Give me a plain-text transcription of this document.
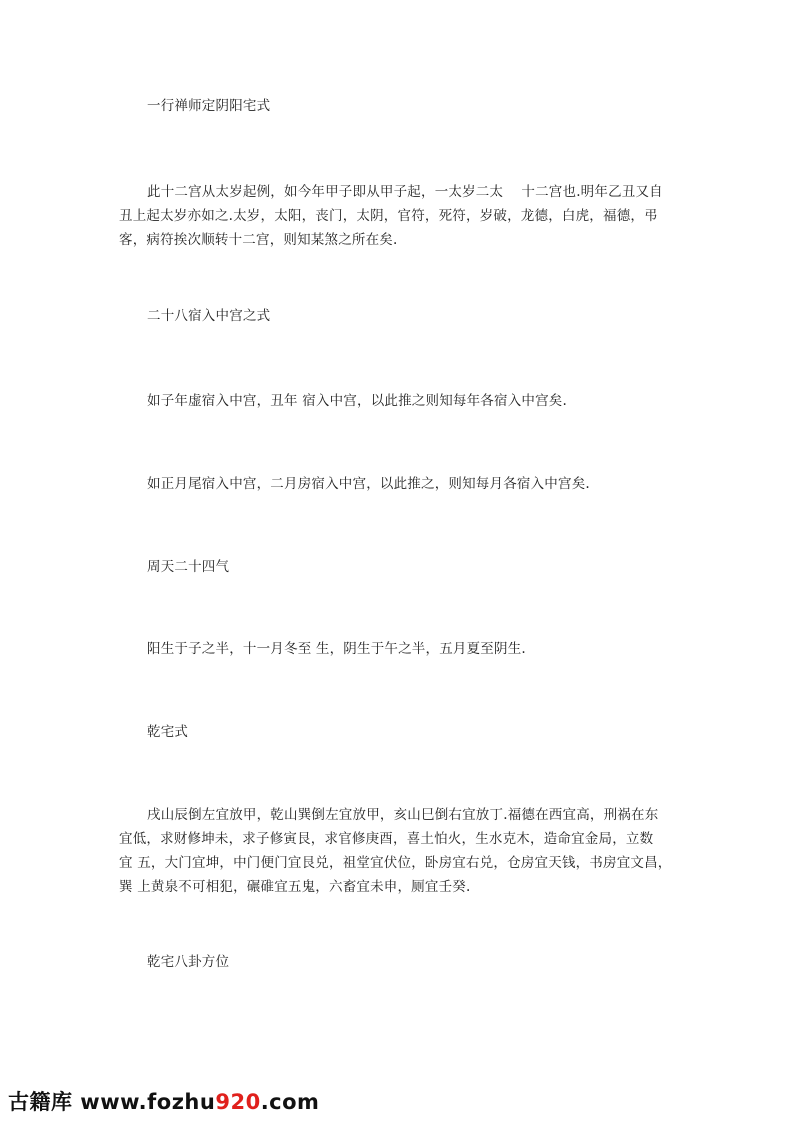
一行禅师定阴阳宅式
此十二宫从太岁起例，如今年甲子即从甲子起，一太岁二太　 十二宫也.明年乙丑又自
丑上起太岁亦如之.太岁，太阳，丧门，太阴，官符，死符，岁破，龙德，白虎，福德，弔
客，病符挨次顺转十二宫，则知某煞之所在矣.
二十八宿入中宫之式
如子年虚宿入中宫，丑年 宿入中宫，以此推之则知每年各宿入中宫矣.
如正月尾宿入中宫，二月房宿入中宫，以此推之，则知每月各宿入中宫矣.
周天二十四气
阳生于子之半，十一月冬至 生，阴生于午之半，五月夏至阴生.
乾宅式
戌山辰倒左宜放甲，乾山巽倒左宜放甲，亥山巳倒右宜放丁.福德在西宜高，刑祸在东
宜低，求财修坤未，求子修寅艮，求官修庚酉，喜土怕火，生水克木，造命宜金局，立数
宜 五，大门宜坤，中门便门宜艮兑，祖堂宜伏位，卧房宜右兑，仓房宜天钱，书房宜文昌，
巽 上黄泉不可相犯，碾碓宜五鬼，六畜宜未申，厕宜壬癸.
乾宅八卦方位
古籍库 www.fozhu920.com
